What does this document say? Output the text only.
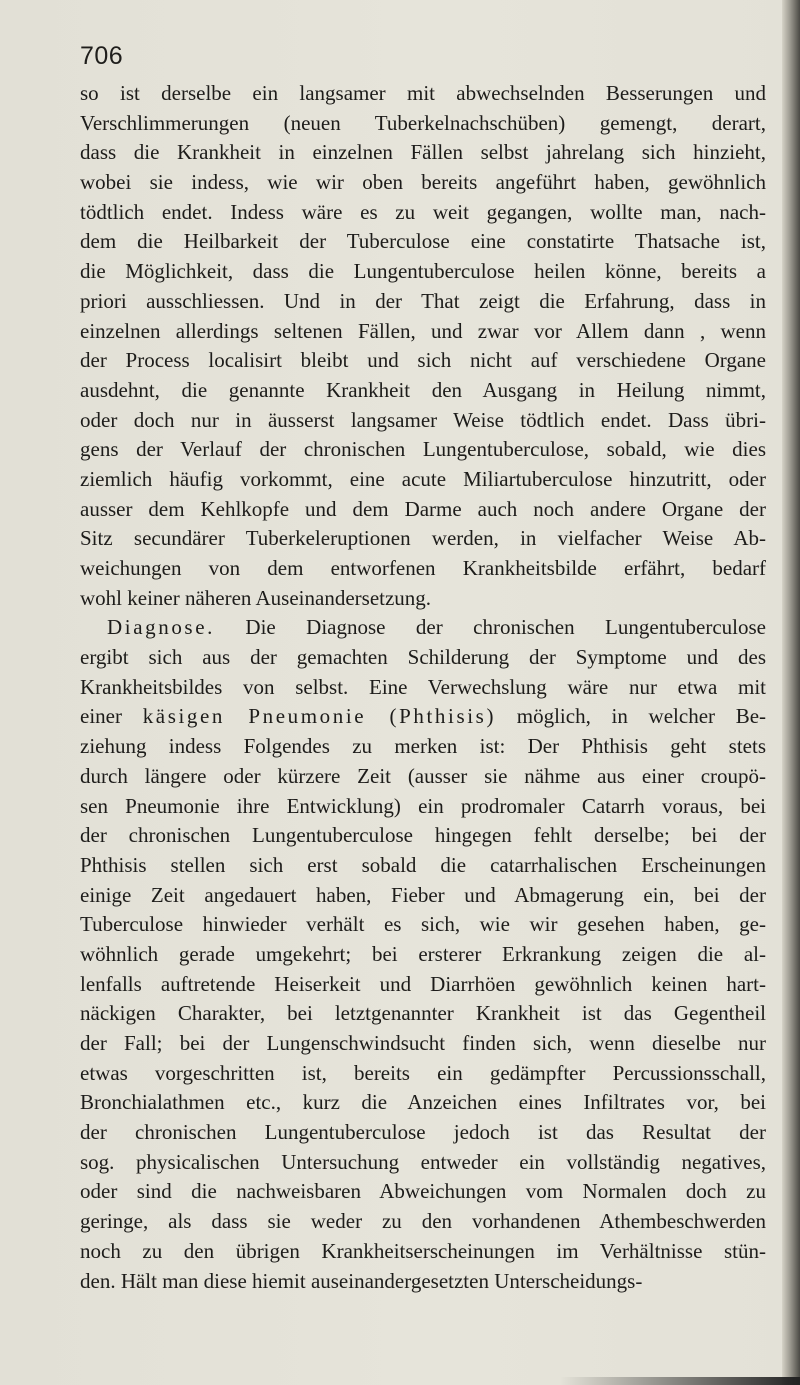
706
so ist derselbe ein langsamer mit abwechselnden Besserungen und
Verschlimmerungen (neuen Tuberkelnachschüben) gemengt, derart,
dass die Krankheit in einzelnen Fällen selbst jahrelang sich hinzieht,
wobei sie indess, wie wir oben bereits angeführt haben, gewöhnlich
tödtlich endet. Indess wäre es zu weit gegangen, wollte man, nach-
dem die Heilbarkeit der Tuberculose eine constatirte Thatsache ist,
die Möglichkeit, dass die Lungentuberculose heilen könne, bereits a
priori ausschliessen. Und in der That zeigt die Erfahrung, dass in
einzelnen allerdings seltenen Fällen, und zwar vor Allem dann , wenn
der Process localisirt bleibt und sich nicht auf verschiedene Organe
ausdehnt, die genannte Krankheit den Ausgang in Heilung nimmt,
oder doch nur in äusserst langsamer Weise tödtlich endet. Dass übri-
gens der Verlauf der chronischen Lungentuberculose, sobald, wie dies
ziemlich häufig vorkommt, eine acute Miliartuberculose hinzutritt, oder
ausser dem Kehlkopfe und dem Darme auch noch andere Organe der
Sitz secundärer Tuberkeleruptionen werden, in vielfacher Weise Ab-
weichungen von dem entworfenen Krankheitsbilde erfährt, bedarf
wohl keiner näheren Auseinandersetzung.
Diagnose. Die Diagnose der chronischen Lungentuberculose
ergibt sich aus der gemachten Schilderung der Symptome und des
Krankheitsbildes von selbst. Eine Verwechslung wäre nur etwa mit
einer käsigen Pneumonie (Phthisis) möglich, in welcher Be-
ziehung indess Folgendes zu merken ist: Der Phthisis geht stets
durch längere oder kürzere Zeit (ausser sie nähme aus einer croupö-
sen Pneumonie ihre Entwicklung) ein prodromaler Catarrh voraus, bei
der chronischen Lungentuberculose hingegen fehlt derselbe; bei der
Phthisis stellen sich erst sobald die catarrhalischen Erscheinungen
einige Zeit angedauert haben, Fieber und Abmagerung ein, bei der
Tuberculose hinwieder verhält es sich, wie wir gesehen haben, ge-
wöhnlich gerade umgekehrt; bei ersterer Erkrankung zeigen die al-
lenfalls auftretende Heiserkeit und Diarrhöen gewöhnlich keinen hart-
näckigen Charakter, bei letztgenannter Krankheit ist das Gegentheil
der Fall; bei der Lungenschwindsucht finden sich, wenn dieselbe nur
etwas vorgeschritten ist, bereits ein gedämpfter Percussionsschall,
Bronchialathmen etc., kurz die Anzeichen eines Infiltrates vor, bei
der chronischen Lungentuberculose jedoch ist das Resultat der
sog. physicalischen Untersuchung entweder ein vollständig negatives,
oder sind die nachweisbaren Abweichungen vom Normalen doch zu
geringe, als dass sie weder zu den vorhandenen Athembeschwerden
noch zu den übrigen Krankheitserscheinungen im Verhältnisse stün-
den. Hält man diese hiemit auseinandergesetzten Unterscheidungs-
